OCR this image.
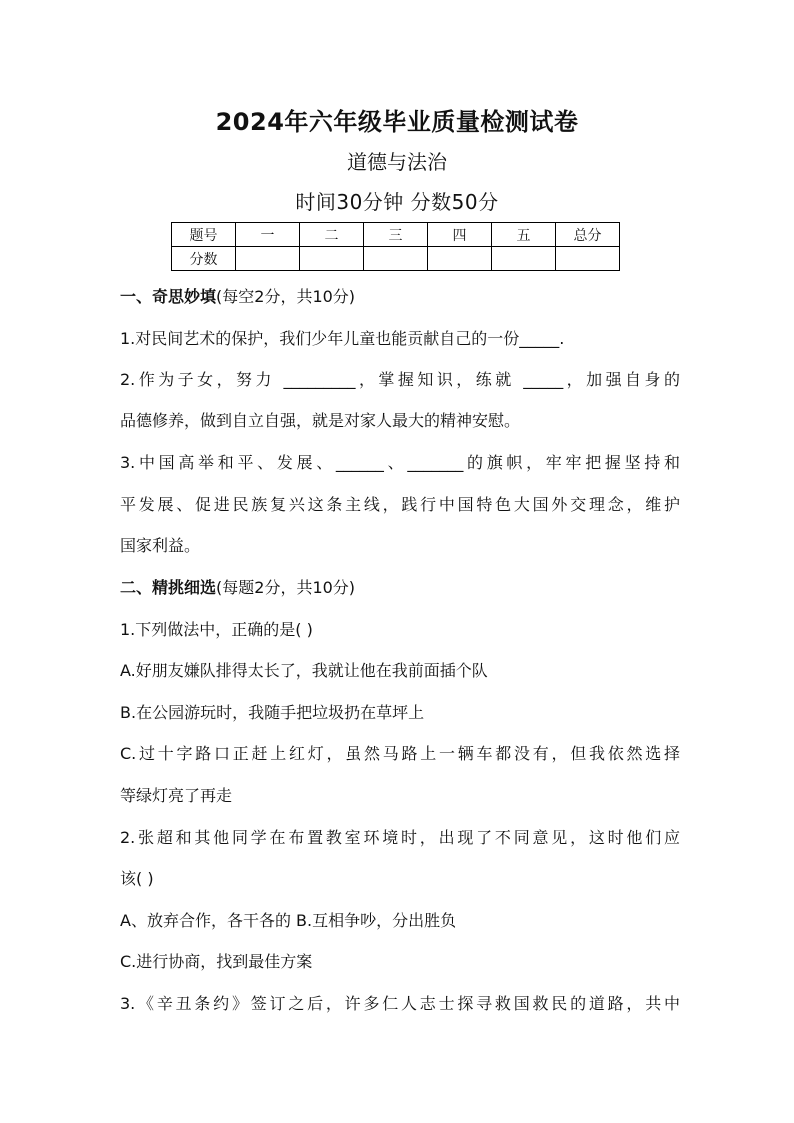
2024年六年级毕业质量检测试卷
道德与法治
时间30分钟 分数50分
题号	一	二	三	四	五	总分
分数						
一、奇思妙填(每空2分，共10分)
1.对民间艺术的保护，我们少年儿童也能贡献自己的一份_____.
2.作为子女，努力 _________，掌握知识，练就 _____，加强自身的
品德修养，做到自立自强，就是对家人最大的精神安慰。
3.中国高举和平、发展、______、_______的旗帜，牢牢把握坚持和
平发展、促进民族复兴这条主线，践行中国特色大国外交理念，维护
国家利益。
二、精挑细选(每题2分，共10分)
1.下列做法中，正确的是( )
A.好朋友嫌队排得太长了，我就让他在我前面插个队
B.在公园游玩时，我随手把垃圾扔在草坪上
C.过十字路口正赶上红灯，虽然马路上一辆车都没有，但我依然选择
等绿灯亮了再走
2.张超和其他同学在布置教室环境时，出现了不同意见，这时他们应
该( )
A、放弃合作，各干各的 B.互相争吵，分出胜负
C.进行协商，找到最佳方案
3.《辛丑条约》签订之后，许多仁人志士探寻救国救民的道路，共中
